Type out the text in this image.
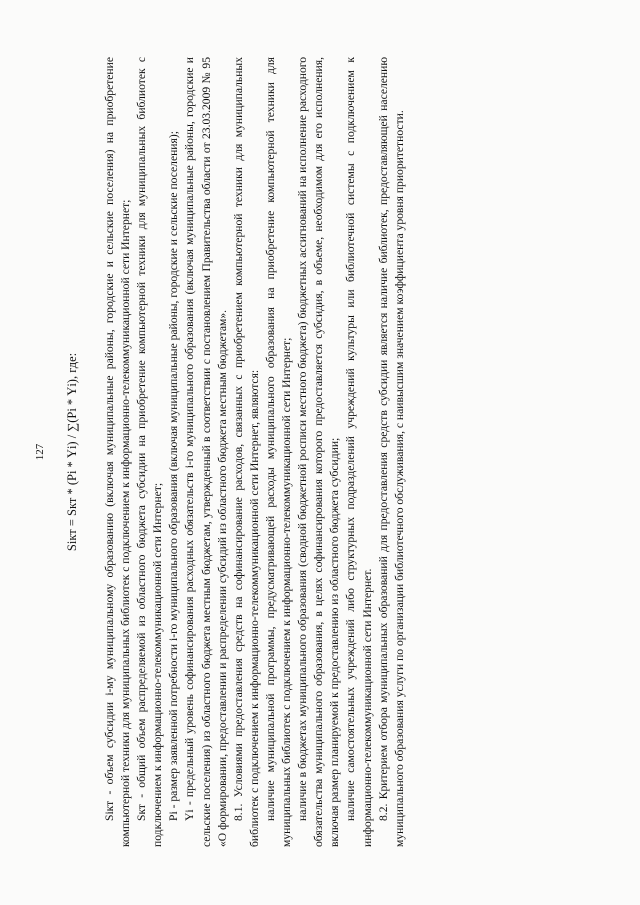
127 Sікт = Sкт * (Рі * Yі) / ∑(Рі * Yі), где: Sікт - объем субсидии і-му муниципальному образованию (включая муниципальные районы, городские и сельские поселения) на приобретение компьютерной техники для муниципальных библиотек с подключением к информационно-телекоммуникационной сети Интернет; Sкт - общий объем распределяемой из областного бюджета субсидии на приобретение компьютерной техники для муниципальных библиотек с подключением к информационно-телекоммуникационной сети Интернет; Рі - размер заявленной потребности і-го муниципального образования (включая муниципальные районы, городские и сельские поселения); Yі - предельный уровень софинансирования расходных обязательств і-го муниципального образования (включая муниципальные районы, городские и сельские поселения) из областного бюджета местным бюджетам, утвержденный в соответствии с постановлением Правительства области от 23.03.2009 № 95 «О формировании, предоставлении и распределении субсидий из областного бюджета местным бюджетам». 8.1. Условиями предоставления средств на софинансирование расходов, связанных с приобретением компьютерной техники для муниципальных библиотек с подключением к информационно-телекоммуникационной сети Интернет, являются: наличие муниципальной программы, предусматривающей расходы муниципального образования на приобретение компьютерной техники для муниципальных библиотек с подключением к информационно-телекоммуникационной сети Интернет; наличие в бюджетах муниципального образования (сводной бюджетной росписи местного бюджета) бюджетных ассигнований на исполнение расходного обязательства муниципального образования, в целях софинансирования которого предоставляется субсидия, в объеме, необходимом для его исполнения, включая размер планируемой к предоставлению из областного бюджета субсидии; наличие самостоятельных учреждений либо структурных подразделений учреждений культуры или библиотечной системы с подключением к информационно-телекоммуникационной сети Интернет. 8.2. Критерием отбора муниципальных образований для предоставления средств субсидии является наличие библиотек, предоставляющей населению муниципального образования услуги по организации библиотечного обслуживания, с наивысшим значением коэффициента уровня приоритетности.
